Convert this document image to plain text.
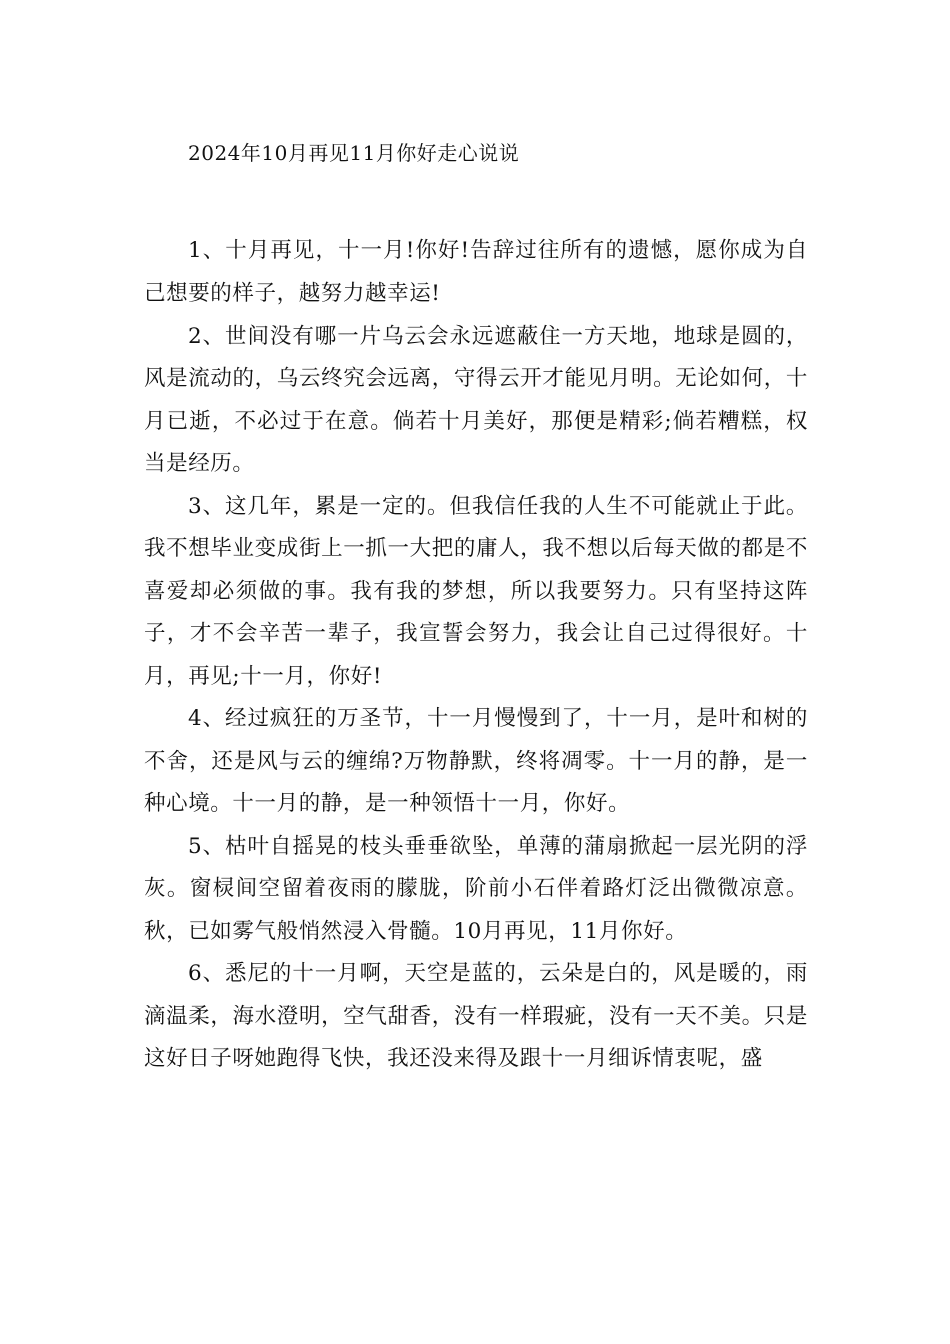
2024年10月再见11月你好走心说说

1、十月再见，十一月!你好!告辞过往所有的遗憾，愿你成为自己想要的样子，越努力越幸运!

2、世间没有哪一片乌云会永远遮蔽住一方天地，地球是圆的，风是流动的，乌云终究会远离，守得云开才能见月明。无论如何，十月已逝，不必过于在意。倘若十月美好，那便是精彩;倘若糟糕，权当是经历。

3、这几年，累是一定的。但我信任我的人生不可能就止于此。我不想毕业变成街上一抓一大把的庸人，我不想以后每天做的都是不喜爱却必须做的事。我有我的梦想，所以我要努力。只有坚持这阵子，才不会辛苦一辈子，我宣誓会努力，我会让自己过得很好。十月，再见;十一月，你好!

4、经过疯狂的万圣节，十一月慢慢到了，十一月，是叶和树的不舍，还是风与云的缠绵?万物静默，终将凋零。十一月的静，是一种心境。十一月的静，是一种领悟十一月，你好。

5、枯叶自摇晃的枝头垂垂欲坠，单薄的蒲扇掀起一层光阴的浮灰。窗棂间空留着夜雨的朦胧，阶前小石伴着路灯泛出微微凉意。秋，已如雾气般悄然浸入骨髓。10月再见，11月你好。

6、悉尼的十一月啊，天空是蓝的，云朵是白的，风是暖的，雨滴温柔，海水澄明，空气甜香，没有一样瑕疵，没有一天不美。只是这好日子呀她跑得飞快，我还没来得及跟十一月细诉情衷呢，盛
